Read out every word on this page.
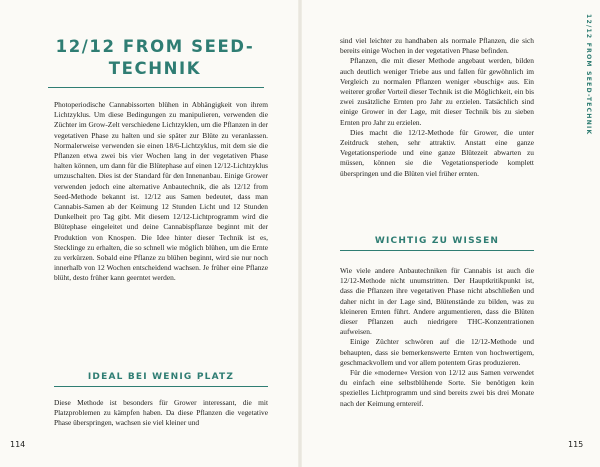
12/12 FROM SEED-
TECHNIK

Photoperiodische Cannabissorten blühen in Abhängigkeit von ihrem Lichtzyklus. Um diese Bedingungen zu manipulieren, verwenden die Züchter im Grow-Zelt verschiedene Lichtzyklen, um die Pflanzen in der vegetativen Phase zu halten und sie später zur Blüte zu veranlassen. Normalerweise verwenden sie einen 18/6-Lichtzyklus, mit dem sie die Pflanzen etwa zwei bis vier Wochen lang in der vegetativen Phase halten können, um dann für die Blütephase auf einen 12/12-Lichtzyklus umzuschalten. Dies ist der Standard für den Innenanbau. Einige Grower verwenden jedoch eine alternative Anbautechnik, die als 12/12 from Seed-Methode bekannt ist. 12/12 aus Samen bedeutet, dass man Cannabis-Samen ab der Keimung 12 Stunden Licht und 12 Stunden Dunkelheit pro Tag gibt. Mit diesem 12/12-Lichtprogramm wird die Blütephase eingeleitet und deine Cannabispflanze beginnt mit der Produktion von Knospen. Die Idee hinter dieser Technik ist es, Stecklinge zu erhalten, die so schnell wie möglich blühen, um die Ernte zu verkürzen. Sobald eine Pflanze zu blühen beginnt, wird sie nur noch innerhalb von 12 Wochen entscheidend wachsen. Je früher eine Pflanze blüht, desto früher kann geerntet werden.

IDEAL BEI WENIG PLATZ

Diese Methode ist besonders für Grower interessant, die mit Platzproblemen zu kämpfen haben. Da diese Pflanzen die vegetative Phase überspringen, wachsen sie viel kleiner und

114

sind viel leichter zu handhaben als normale Pflanzen, die sich bereits einige Wochen in der vegetativen Phase befinden.

Pflanzen, die mit dieser Methode angebaut werden, bilden auch deutlich weniger Triebe aus und fallen für gewöhnlich im Vergleich zu normalen Pflanzen weniger »buschig« aus. Ein weiterer großer Vorteil dieser Technik ist die Möglichkeit, ein bis zwei zusätzliche Ernten pro Jahr zu erzielen. Tatsächlich sind einige Grower in der Lage, mit dieser Technik bis zu sieben Ernten pro Jahr zu erzielen.

Dies macht die 12/12-Methode für Grower, die unter Zeitdruck stehen, sehr attraktiv. Anstatt eine ganze Vegetationsperiode und eine ganze Blütezeit abwarten zu müssen, können sie die Vegetationsperiode komplett überspringen und die Blüten viel früher ernten.

WICHTIG ZU WISSEN

Wie viele andere Anbautechniken für Cannabis ist auch die 12/12-Methode nicht unumstritten. Der Hauptkritikpunkt ist, dass die Pflanzen ihre vegetativen Phase nicht abschließen und daher nicht in der Lage sind, Blütenstände zu bilden, was zu kleineren Ernten führt. Andere argumentieren, dass die Blüten dieser Pflanzen auch niedrigere THC-Konzentrationen aufweisen.

Einige Züchter schwören auf die 12/12-Methode und behaupten, dass sie bemerkenswerte Ernten von hochwertigem, geschmackvollem und vor allem potentem Gras produzieren.

Für die »moderne« Version von 12/12 aus Samen verwendet du einfach eine selbstblühende Sorte. Sie benötigen kein spezielles Lichtprogramm und sind bereits zwei bis drei Monate nach der Keimung erntereif.

115
12/12 FROM SEED-TECHNIK
